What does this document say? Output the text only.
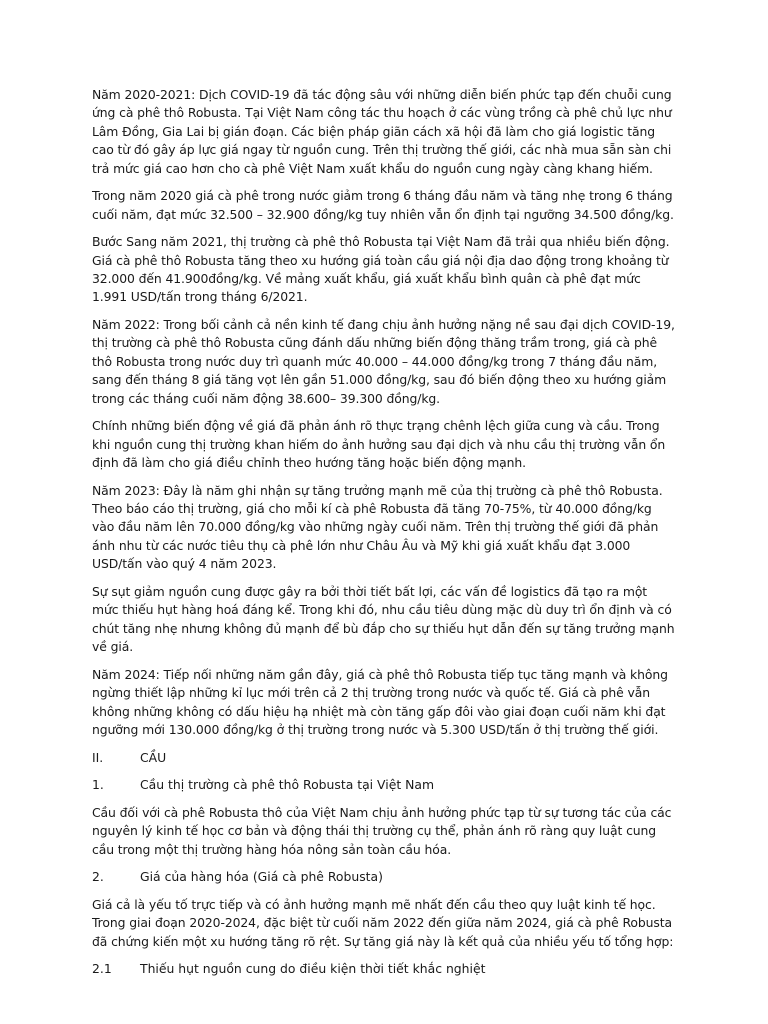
Năm 2020-2021: Dịch COVID-19 đã tác động sâu với những diễn biến phức tạp đến chuỗi cung ứng cà phê thô Robusta. Tại Việt Nam công tác thu hoạch ở các vùng trồng cà phê chủ lực như Lâm Đồng, Gia Lai bị gián đoạn. Các biện pháp giãn cách xã hội đã làm cho giá logistic tăng cao từ đó gây áp lực giá ngay từ nguồn cung. Trên thị trường thế giới, các nhà mua sẵn sàn chi trả mức giá cao hơn cho cà phê Việt Nam xuất khẩu do nguồn cung ngày càng khang hiếm.

Trong năm 2020 giá cà phê trong nước giảm trong 6 tháng đầu năm và tăng nhẹ trong 6 tháng cuối năm, đạt mức 32.500 – 32.900 đồng/kg tuy nhiên vẫn ổn định tại ngưỡng 34.500 đồng/kg.

Bước Sang năm 2021, thị trường cà phê thô Robusta tại Việt Nam đã trải qua nhiều biến động. Giá cà phê thô Robusta tăng theo xu hướng giá toàn cầu giá nội địa dao động trong khoảng từ 32.000 đến 41.900đồng/kg. Về mảng xuất khẩu, giá xuất khẩu bình quân cà phê đạt mức 1.991 USD/tấn trong tháng 6/2021.

Năm 2022: Trong bối cảnh cả nền kinh tế đang chịu ảnh hưởng nặng nề sau đại dịch COVID-19, thị trường cà phê thô Robusta cũng đánh dấu những biến động thăng trầm trong, giá cà phê thô Robusta trong nước duy trì quanh mức 40.000 – 44.000 đồng/kg trong 7 tháng đầu năm, sang đến tháng 8 giá tăng vọt lên gần 51.000 đồng/kg, sau đó biến động theo xu hướng giảm trong các tháng cuối năm động 38.600– 39.300 đồng/kg.

Chính những biến động về giá đã phản ánh rõ thực trạng chênh lệch giữa cung và cầu. Trong khi nguồn cung thị trường khan hiếm do ảnh hưởng sau đại dịch và nhu cầu thị trường vẫn ổn định đã làm cho giá điều chỉnh theo hướng tăng hoặc biến động mạnh.

Năm 2023: Đây là năm ghi nhận sự tăng trưởng mạnh mẽ của thị trường cà phê thô Robusta. Theo báo cáo thị trường, giá cho mỗi kí cà phê Robusta đã tăng 70-75%, từ 40.000 đồng/kg vào đầu năm lên 70.000 đồng/kg vào những ngày cuối năm. Trên thị trường thế giới đã phản ánh nhu từ các nước tiêu thụ cà phê lớn như Châu Âu và Mỹ khi giá xuất khẩu đạt 3.000 USD/tấn vào quý 4 năm 2023.

Sự sụt giảm nguồn cung được gây ra bởi thời tiết bất lợi, các vấn đề logistics đã tạo ra một mức thiếu hụt hàng hoá đáng kể. Trong khi đó, nhu cầu tiêu dùng mặc dù duy trì ổn định và có chút tăng nhẹ nhưng không đủ mạnh để bù đắp cho sự thiếu hụt dẫn đến sự tăng trưởng mạnh về giá.

Năm 2024: Tiếp nối những năm gần đây, giá cà phê thô Robusta tiếp tục tăng mạnh và không ngừng thiết lập những kỉ lục mới trên cả 2 thị trường trong nước và quốc tế. Giá cà phê vẫn không những không có dấu hiệu hạ nhiệt mà còn tăng gấp đôi vào giai đoạn cuối năm khi đạt ngưỡng mới 130.000 đồng/kg ở thị trường trong nước và 5.300 USD/tấn ở thị trường thế giới.

II.	CẦU
1.	Cầu thị trường cà phê thô Robusta tại Việt Nam

Cầu đối với cà phê Robusta thô của Việt Nam chịu ảnh hưởng phức tạp từ sự tương tác của các nguyên lý kinh tế học cơ bản và động thái thị trường cụ thể, phản ánh rõ ràng quy luật cung cầu trong một thị trường hàng hóa nông sản toàn cầu hóa.

2.	Giá của hàng hóa (Giá cà phê Robusta)

Giá cả là yếu tố trực tiếp và có ảnh hưởng mạnh mẽ nhất đến cầu theo quy luật kinh tế học. Trong giai đoạn 2020-2024, đặc biệt từ cuối năm 2022 đến giữa năm 2024, giá cà phê Robusta đã chứng kiến một xu hướng tăng rõ rệt. Sự tăng giá này là kết quả của nhiều yếu tố tổng hợp:

2.1	Thiếu hụt nguồn cung do điều kiện thời tiết khắc nghiệt
